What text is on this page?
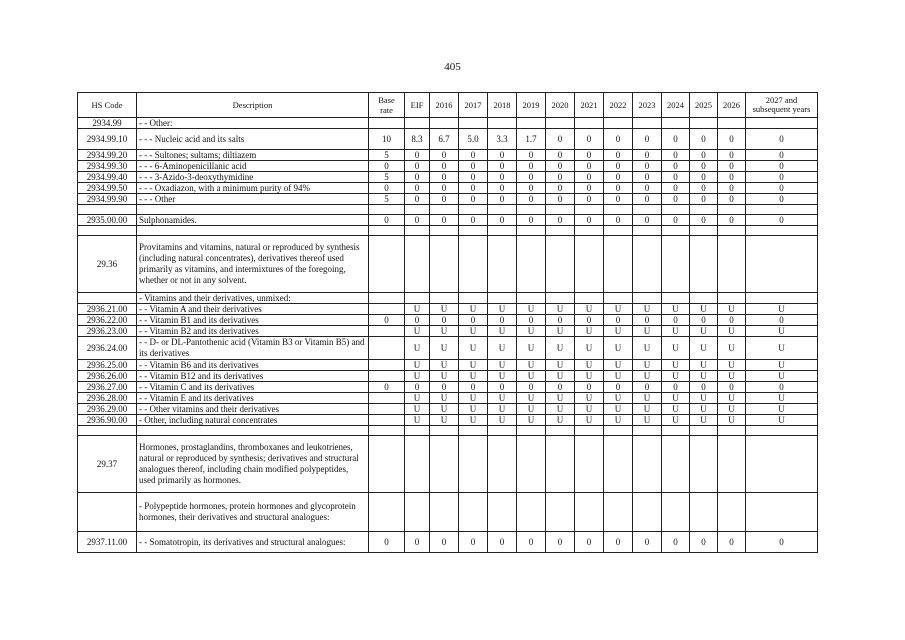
405
HS Code	Description	Base rate	EIF	2016	2017	2018	2019	2020	2021	2022	2023	2024	2025	2026	2027 and subsequent years
2934.99	- - Other:														
2934.99.10	- - - Nucleic acid and its salts	10	8.3	6.7	5.0	3.3	1.7	0	0	0	0	0	0	0	0
2934.99.20	- - - Sultones; sultams; diltiazem	5	0	0	0	0	0	0	0	0	0	0	0	0	0
2934.99.30	- - - 6-Aminopenicillanic acid	0	0	0	0	0	0	0	0	0	0	0	0	0	0
2934.99.40	- - - 3-Azido-3-deoxythymidine	5	0	0	0	0	0	0	0	0	0	0	0	0	0
2934.99.50	- - - Oxadiazon, with a minimum purity of 94%	0	0	0	0	0	0	0	0	0	0	0	0	0	0
2934.99.90	- - - Other	5	0	0	0	0	0	0	0	0	0	0	0	0	0

2935.00.00	Sulphonamides.	0	0	0	0	0	0	0	0	0	0	0	0	0	0

29.36	Provitamins and vitamins, natural or reproduced by synthesis (including natural concentrates), derivatives thereof used primarily as vitamins, and intermixtures of the foregoing, whether or not in any solvent.														
	- Vitamins and their derivatives, unmixed:														
2936.21.00	- - Vitamin A and their derivatives		U	U	U	U	U	U	U	U	U	U	U	U	U
2936.22.00	- - Vitamin B1 and its derivatives	0	0	0	0	0	0	0	0	0	0	0	0	0	0
2936.23.00	- - Vitamin B2 and its derivatives		U	U	U	U	U	U	U	U	U	U	U	U	U
2936.24.00	- - D- or DL-Pantothenic acid (Vitamin B3 or Vitamin B5) and its derivatives		U	U	U	U	U	U	U	U	U	U	U	U	U
2936.25.00	- - Vitamin B6 and its derivatives		U	U	U	U	U	U	U	U	U	U	U	U	U
2936.26.00	- - Vitamin B12 and its derivatives		U	U	U	U	U	U	U	U	U	U	U	U	U
2936.27.00	- - Vitamin C and its derivatives	0	0	0	0	0	0	0	0	0	0	0	0	0	0
2936.28.00	- - Vitamin E and its derivatives		U	U	U	U	U	U	U	U	U	U	U	U	U
2936.29.00	- - Other vitamins and their derivatives		U	U	U	U	U	U	U	U	U	U	U	U	U
2936.90.00	- Other, including natural concentrates		U	U	U	U	U	U	U	U	U	U	U	U	U

29.37	Hormones, prostaglandins, thromboxanes and leukotrienes, natural or reproduced by synthesis; derivatives and structural analogues thereof, including chain modified polypeptides, used primarily as hormones.														
	- Polypeptide hormones, protein hormones and glycoprotein hormones, their derivatives and structural analogues:														
2937.11.00	- - Somatotropin, its derivatives and structural analogues:	0	0	0	0	0	0	0	0	0	0	0	0	0	0
